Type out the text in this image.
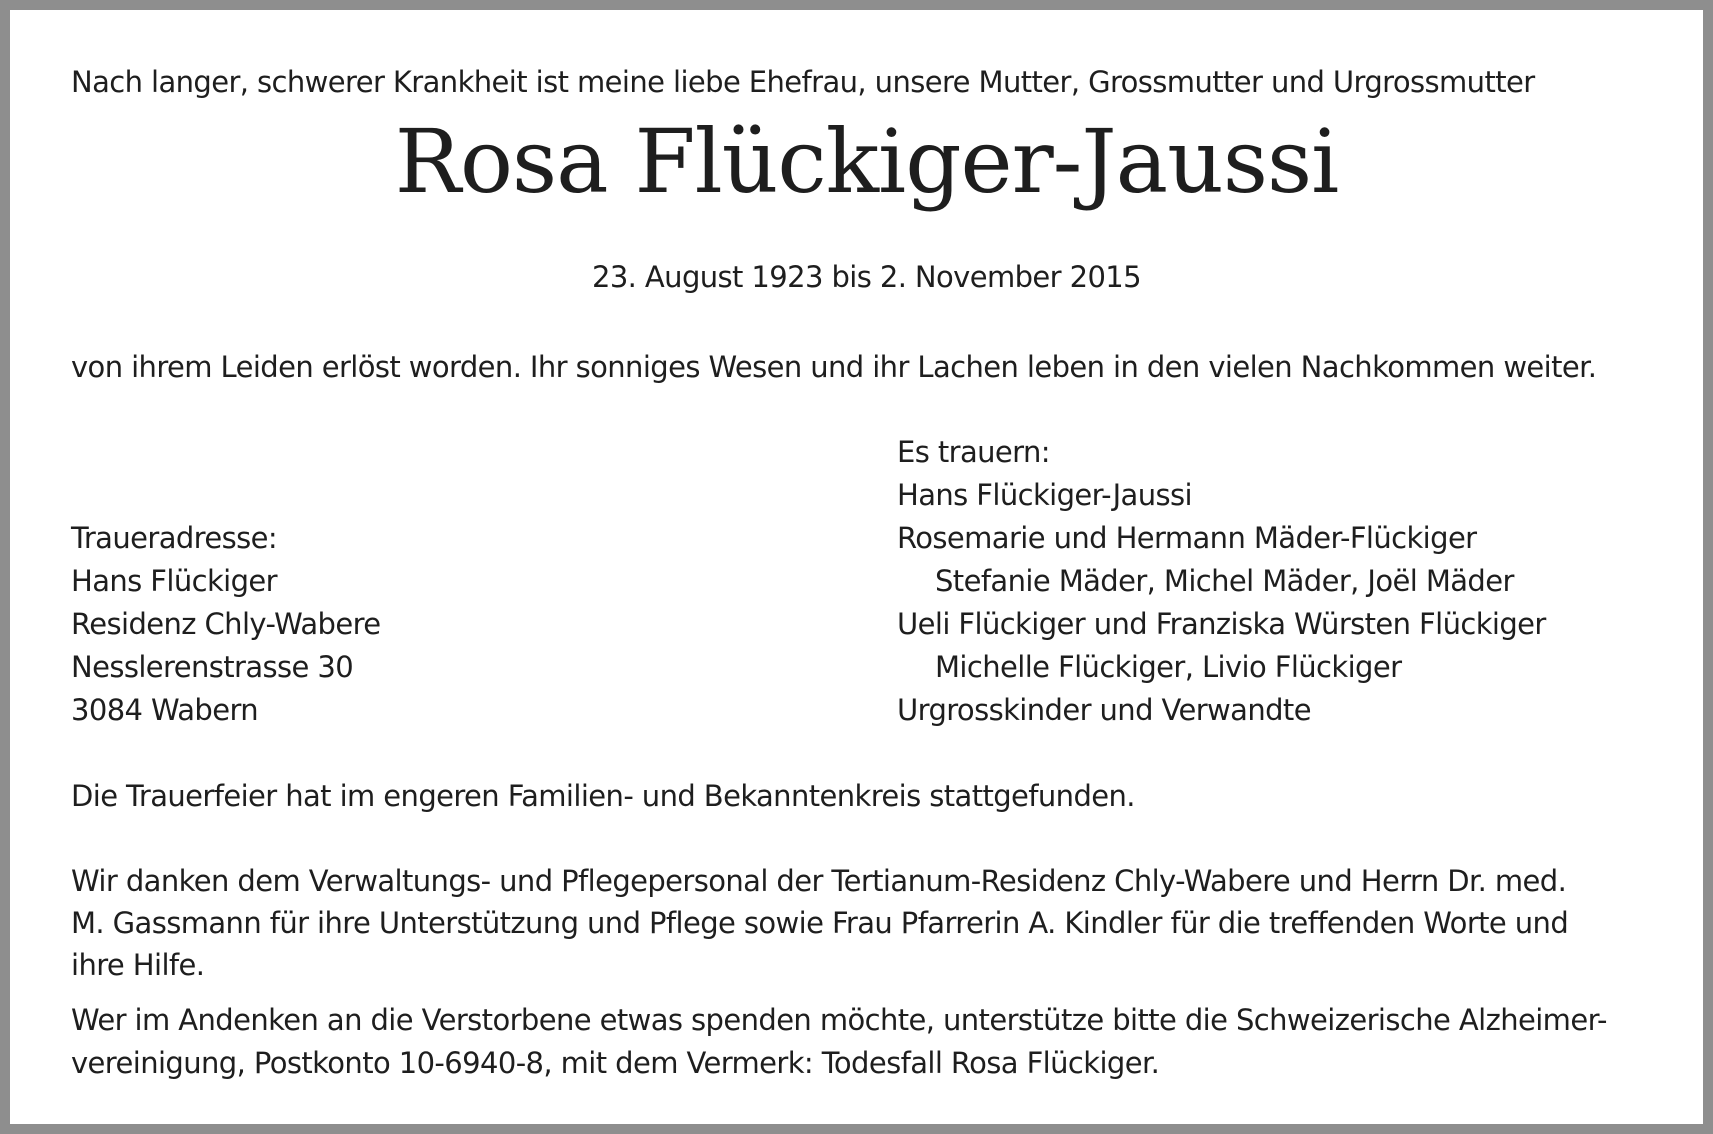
Nach langer, schwerer Krankheit ist meine liebe Ehefrau, unsere Mutter, Grossmutter und Urgrossmutter
Rosa Flückiger-Jaussi
23. August 1923 bis 2. November 2015
von ihrem Leiden erlöst worden. Ihr sonniges Wesen und ihr Lachen leben in den vielen Nachkommen weiter.
Es trauern:
Hans Flückiger-Jaussi
Rosemarie und Hermann Mäder-Flückiger
Stefanie Mäder, Michel Mäder, Joël Mäder
Ueli Flückiger und Franziska Würsten Flückiger
Michelle Flückiger, Livio Flückiger
Urgrosskinder und Verwandte
Traueradresse:
Hans Flückiger
Residenz Chly-Wabere
Nesslerenstrasse 30
3084 Wabern
Die Trauerfeier hat im engeren Familien- und Bekanntenkreis stattgefunden.
Wir danken dem Verwaltungs- und Pflegepersonal der Tertianum-Residenz Chly-Wabere und Herrn Dr. med.
M. Gassmann für ihre Unterstützung und Pflege sowie Frau Pfarrerin A. Kindler für die treffenden Worte und
ihre Hilfe.
Wer im Andenken an die Verstorbene etwas spenden möchte, unterstütze bitte die Schweizerische Alzheimer-
vereinigung, Postkonto 10-6940-8, mit dem Vermerk: Todesfall Rosa Flückiger.
